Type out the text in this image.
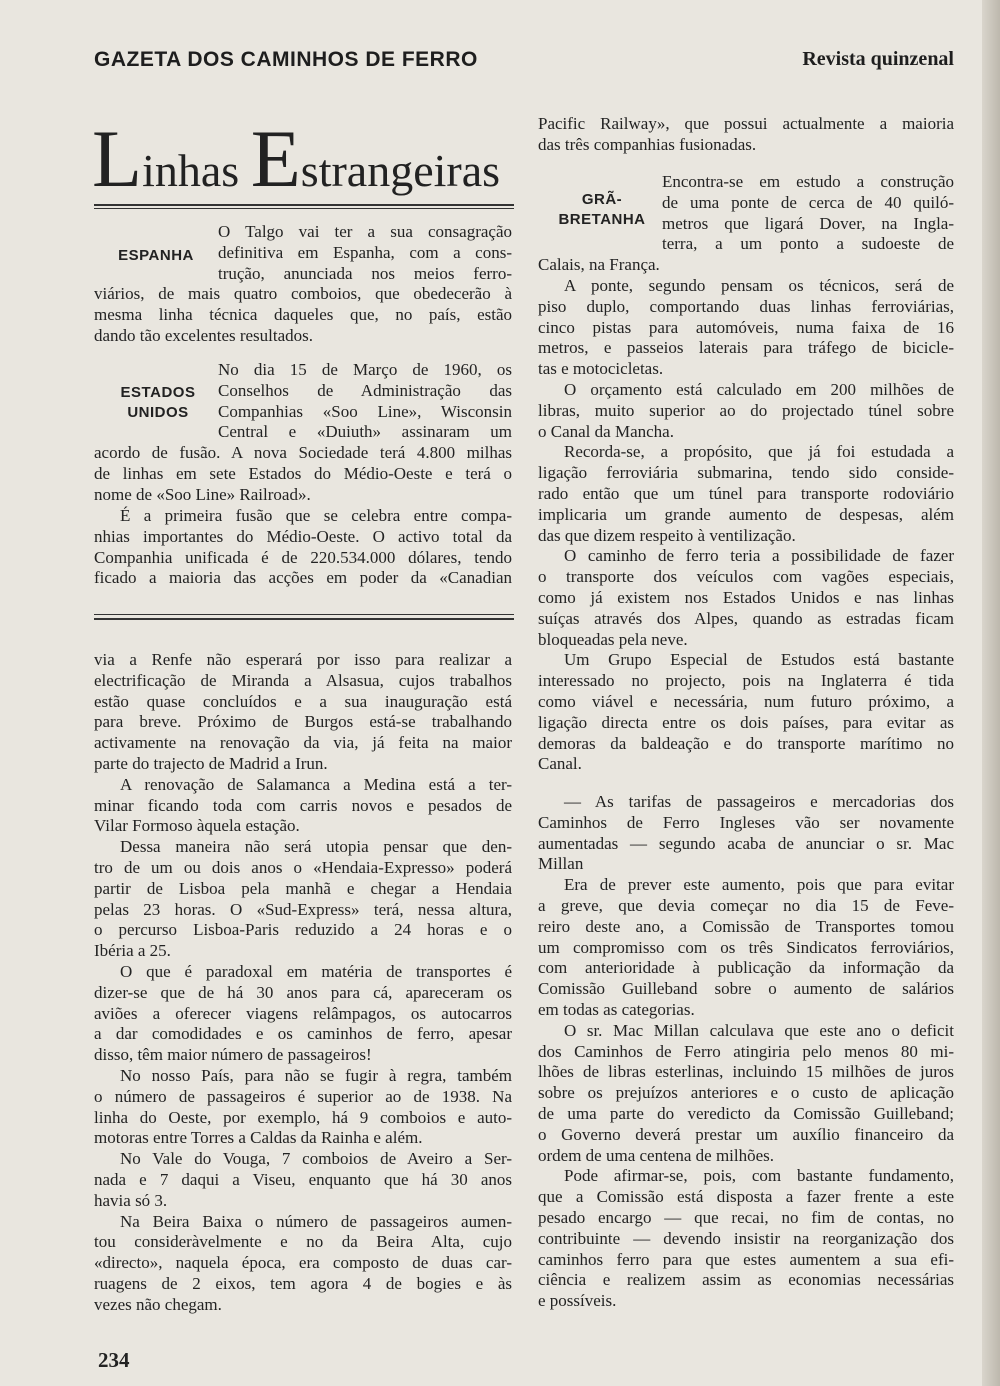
GAZETA DOS CAMINHOS DE FERRO	Revista quinzenal
Linhas Estrangeiras
ESPANHA
O Talgo vai ter a sua consagração
definitiva em Espanha, com a cons-
trução, anunciada nos meios ferro-
viários, de mais quatro comboios, que obedecerão à
mesma linha técnica daqueles que, no país, estão
dando tão excelentes resultados.
ESTADOS
UNIDOS
No dia 15 de Março de 1960, os
Conselhos de Administração das
Companhias «Soo Line», Wisconsin
Central e «Duiuth» assinaram um
acordo de fusão. A nova Sociedade terá 4.800 milhas
de linhas em sete Estados do Médio-Oeste e terá o
nome de «Soo Line» Railroad».
É a primeira fusão que se celebra entre compa-
nhias importantes do Médio-Oeste. O activo total da
Companhia unificada é de 220.534.000 dólares, tendo
ficado a maioria das acções em poder da «Canadian
via a Renfe não esperará por isso para realizar a
electrificação de Miranda a Alsasua, cujos trabalhos
estão quase concluídos e a sua inauguração está
para breve. Próximo de Burgos está-se trabalhando
activamente na renovação da via, já feita na maior
parte do trajecto de Madrid a Irun.
A renovação de Salamanca a Medina está a ter-
minar ficando toda com carris novos e pesados de
Vilar Formoso àquela estação.
Dessa maneira não será utopia pensar que den-
tro de um ou dois anos o «Hendaia-Expresso» poderá
partir de Lisboa pela manhã e chegar a Hendaia
pelas 23 horas. O «Sud-Express» terá, nessa altura,
o percurso Lisboa-Paris reduzido a 24 horas e o
Ibéria a 25.
O que é paradoxal em matéria de transportes é
dizer-se que de há 30 anos para cá, apareceram os
aviões a oferecer viagens relâmpagos, os autocarros
a dar comodidades e os caminhos de ferro, apesar
disso, têm maior número de passageiros!
No nosso País, para não se fugir à regra, também
o número de passageiros é superior ao de 1938. Na
linha do Oeste, por exemplo, há 9 comboios e auto-
motoras entre Torres a Caldas da Rainha e além.
No Vale do Vouga, 7 comboios de Aveiro a Ser-
nada e 7 daqui a Viseu, enquanto que há 30 anos
havia só 3.
Na Beira Baixa o número de passageiros aumen-
tou consideràvelmente e no da Beira Alta, cujo
«directo», naquela época, era composto de duas car-
ruagens de 2 eixos, tem agora 4 de bogies e às
vezes não chegam.
Pacific Railway», que possui actualmente a maioria
das três companhias fusionadas.
GRÃ-
BRETANHA
Encontra-se em estudo a construção
de uma ponte de cerca de 40 quiló-
metros que ligará Dover, na Ingla-
terra, a um ponto a sudoeste de
Calais, na França.
A ponte, segundo pensam os técnicos, será de
piso duplo, comportando duas linhas ferroviárias,
cinco pistas para automóveis, numa faixa de 16
metros, e passeios laterais para tráfego de bicicle-
tas e motocicletas.
O orçamento está calculado em 200 milhões de
libras, muito superior ao do projectado túnel sobre
o Canal da Mancha.
Recorda-se, a propósito, que já foi estudada a
ligação ferroviária submarina, tendo sido conside-
rado então que um túnel para transporte rodoviário
implicaria um grande aumento de despesas, além
das que dizem respeito à ventilização.
O caminho de ferro teria a possibilidade de fazer
o transporte dos veículos com vagões especiais,
como já existem nos Estados Unidos e nas linhas
suíças através dos Alpes, quando as estradas ficam
bloqueadas pela neve.
Um Grupo Especial de Estudos está bastante
interessado no projecto, pois na Inglaterra é tida
como viável e necessária, num futuro próximo, a
ligação directa entre os dois países, para evitar as
demoras da baldeação e do transporte marítimo no
Canal.
— As tarifas de passageiros e mercadorias dos
Caminhos de Ferro Ingleses vão ser novamente
aumentadas — segundo acaba de anunciar o sr. Mac
Millan
Era de prever este aumento, pois que para evitar
a greve, que devia começar no dia 15 de Feve-
reiro deste ano, a Comissão de Transportes tomou
um compromisso com os três Sindicatos ferroviários,
com anterioridade à publicação da informação da
Comissão Guilleband sobre o aumento de salários
em todas as categorias.
O sr. Mac Millan calculava que este ano o deficit
dos Caminhos de Ferro atingiria pelo menos 80 mi-
lhões de libras esterlinas, incluindo 15 milhões de juros
sobre os prejuízos anteriores e o custo de aplicação
de uma parte do veredicto da Comissão Guilleband;
o Governo deverá prestar um auxílio financeiro da
ordem de uma centena de milhões.
Pode afirmar-se, pois, com bastante fundamento,
que a Comissão está disposta a fazer frente a este
pesado encargo — que recai, no fim de contas, no
contribuinte — devendo insistir na reorganização dos
caminhos ferro para que estes aumentem a sua efi-
ciência e realizem assim as economias necessárias
e possíveis.
234
